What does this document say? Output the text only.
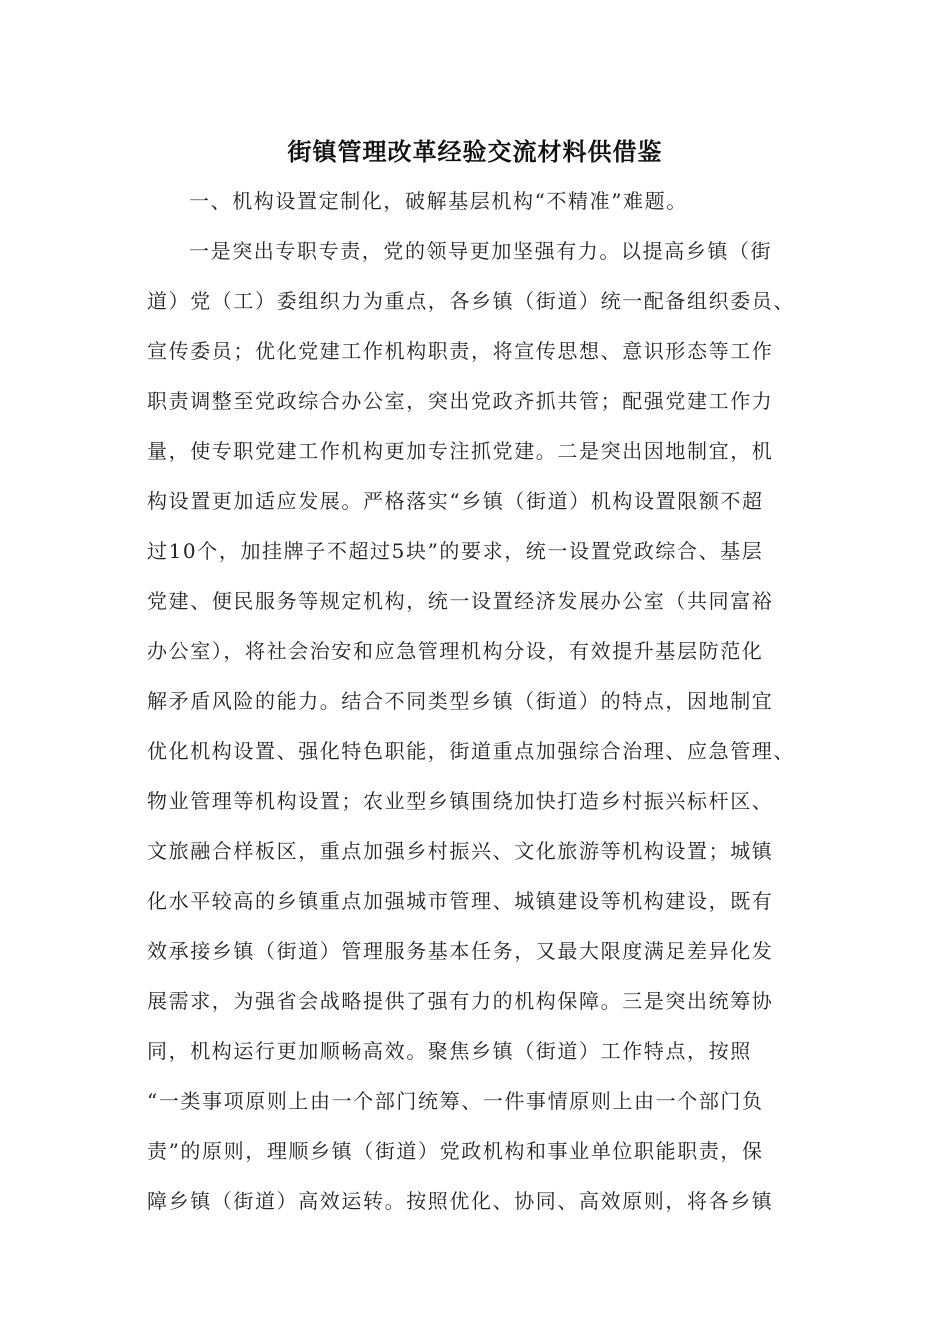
街镇管理改革经验交流材料供借鉴
一、机构设置定制化，破解基层机构“不精准”难题。
一是突出专职专责，党的领导更加坚强有力。以提高乡镇（街
道）党（工）委组织力为重点，各乡镇（街道）统一配备组织委员、
宣传委员；优化党建工作机构职责，将宣传思想、意识形态等工作
职责调整至党政综合办公室，突出党政齐抓共管；配强党建工作力
量，使专职党建工作机构更加专注抓党建。二是突出因地制宜，机
构设置更加适应发展。严格落实“乡镇（街道）机构设置限额不超
过10个，加挂牌子不超过5块”的要求，统一设置党政综合、基层
党建、便民服务等规定机构，统一设置经济发展办公室（共同富裕
办公室），将社会治安和应急管理机构分设，有效提升基层防范化
解矛盾风险的能力。结合不同类型乡镇（街道）的特点，因地制宜
优化机构设置、强化特色职能，街道重点加强综合治理、应急管理、
物业管理等机构设置；农业型乡镇围绕加快打造乡村振兴标杆区、
文旅融合样板区，重点加强乡村振兴、文化旅游等机构设置；城镇
化水平较高的乡镇重点加强城市管理、城镇建设等机构建设，既有
效承接乡镇（街道）管理服务基本任务，又最大限度满足差异化发
展需求，为强省会战略提供了强有力的机构保障。三是突出统筹协
同，机构运行更加顺畅高效。聚焦乡镇（街道）工作特点，按照
“一类事项原则上由一个部门统筹、一件事情原则上由一个部门负
责”的原则，理顺乡镇（街道）党政机构和事业单位职能职责，保
障乡镇（街道）高效运转。按照优化、协同、高效原则，将各乡镇
